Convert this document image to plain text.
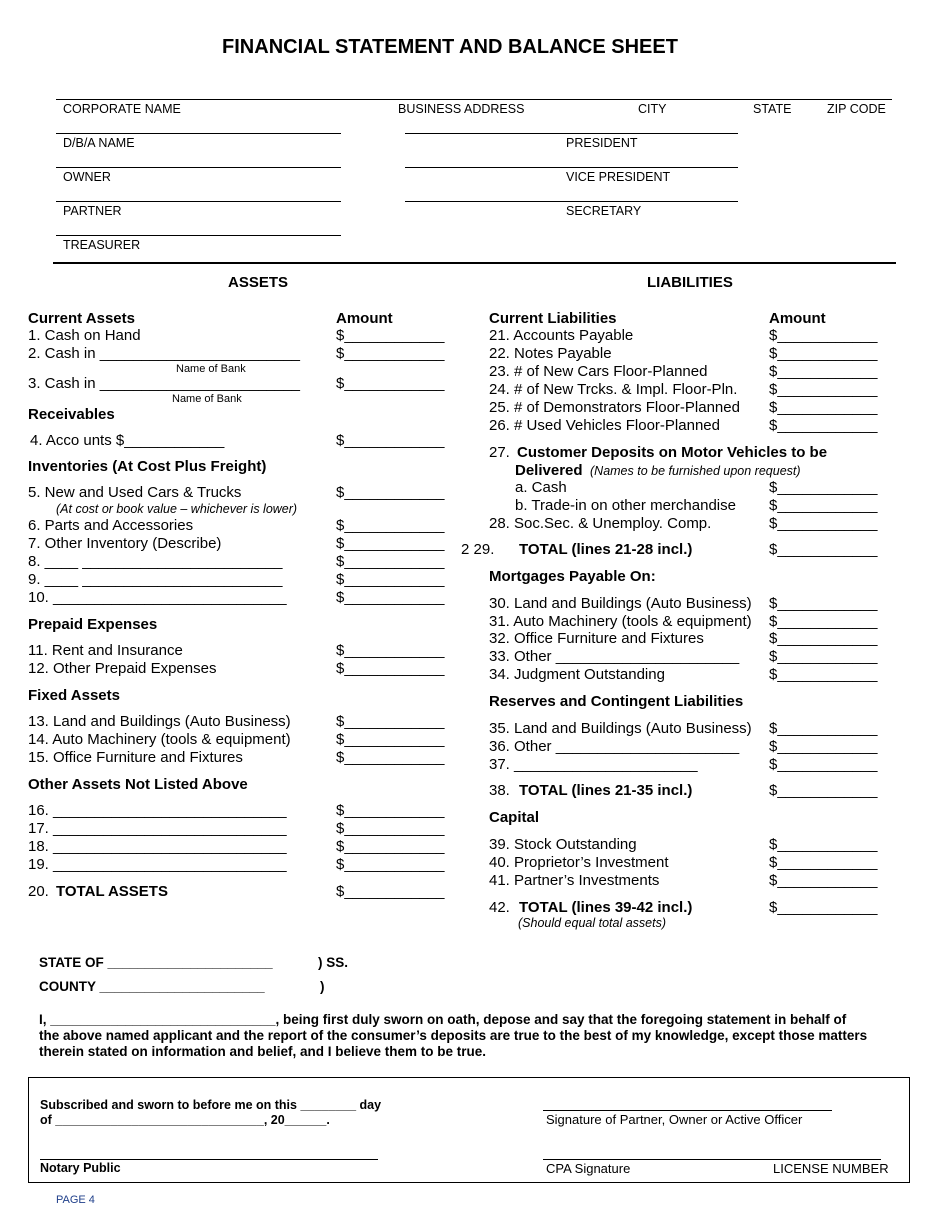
FINANCIAL STATEMENT AND BALANCE SHEET
CORPORATE NAME	BUSINESS ADDRESS	CITY	STATE	ZIP CODE
D/B/A NAME	PRESIDENT
OWNER	VICE PRESIDENT
PARTNER	SECRETARY
TREASURER
ASSETS
Current Assets	Amount
1. Cash on Hand	$____________
2. Cash in ________________________ $____________
Name of Bank
3. Cash in ________________________ $____________
Name of Bank
Receivables
4. Acco unts $____________	$____________
Inventories (At Cost Plus Freight)
5. New and Used Cars & Trucks	$____________
(At cost or book value – whichever is lower)
6. Parts and Accessories	$____________
7. Other Inventory (Describe)	$____________
8. ____ ________________________	$____________
9. ____ ________________________	$____________
10. ____________________________	$____________
Prepaid Expenses
11. Rent and Insurance	$____________
12. Other Prepaid Expenses	$____________
Fixed Assets
13. Land and Buildings (Auto Business)	$____________
14. Auto Machinery (tools & equipment)	$____________
15. Office Furniture and Fixtures	$____________
Other Assets Not Listed Above
16. ____________________________	$____________
17. ____________________________	$____________
18. ____________________________	$____________
19. ____________________________	$____________
20. TOTAL ASSETS	$____________
LIABILITIES
Current Liabilities	Amount
21. Accounts Payable	$____________
22. Notes Payable	$____________
23. # of New Cars Floor-Planned	$____________
24. # of New Trcks. & Impl. Floor-Pln. $____________
25. # of Demonstrators Floor-Planned $____________
26. # Used Vehicles Floor-Planned	$____________
27. Customer Deposits on Motor Vehicles to be
Delivered (Names to be furnished upon request)
a. Cash	$____________
b. Trade-in on other merchandise $____________
28. Soc.Sec. & Unemploy. Comp.	$____________
2 29. TOTAL (lines 21-28 incl.)	$____________
Mortgages Payable On:
30. Land and Buildings (Auto Business) $____________
31. Auto Machinery (tools & equipment) $____________
32. Office Furniture and Fixtures	$____________
33. Other ______________________ $____________
34. Judgment Outstanding	$____________
Reserves and Contingent Liabilities
35. Land and Buildings (Auto Business) $____________
36. Other ______________________ $____________
37. ______________________	$____________
38. TOTAL (lines 21-35 incl.)	$____________
Capital
39. Stock Outstanding	$____________
40. Proprietor’s Investment	$____________
41. Partner’s Investments	$____________
42. TOTAL (lines 39-42 incl.)	$____________
(Should equal total assets)
STATE OF ______________________	) SS.
COUNTY ______________________	)
I, ______________________________, being first duly sworn on oath, depose and say that the foregoing statement in behalf of
the above named applicant and the report of the consumer’s deposits are true to the best of my knowledge, except those matters
therein stated on information and belief, and I believe them to be true.
Subscribed and sworn to before me on this ________ day
of ______________________________, 20______.	Signature of Partner, Owner or Active Officer
Notary Public	CPA Signature	LICENSE NUMBER
PAGE 4
